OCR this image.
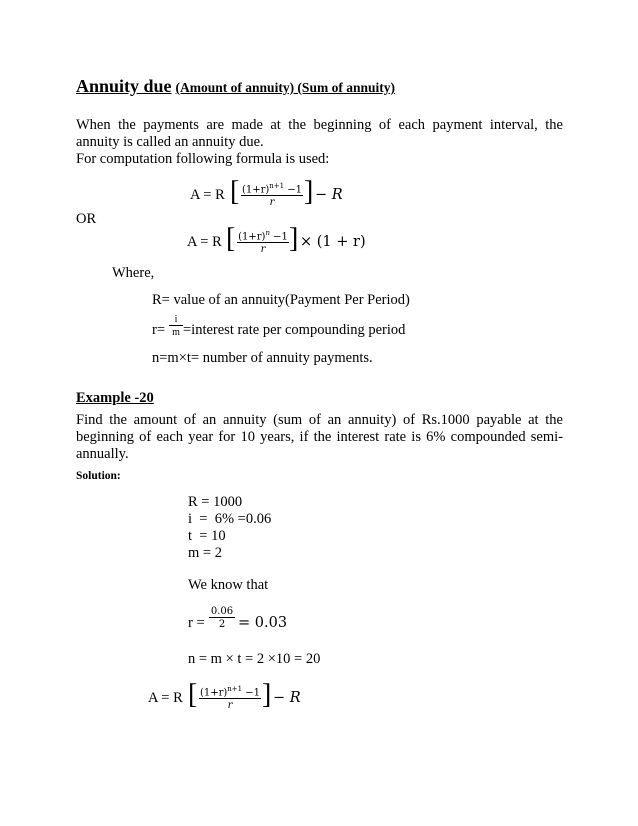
Annuity due (Amount of annuity) (Sum of annuity)
When the payments are made at the beginning of each payment interval, the annuity is called an annuity due.
For computation following formula is used:
A = R [ $\frac{(1+r)^{n+1} -1}{r}$ ] − R
OR
A = R [ $\frac{(1+r)^n -1}{r}$ ] × (1 + r)
Where,
R= value of an annuity(Payment Per Period)
$r= \frac{i}{m}$ =interest rate per compounding period
n=m×t= number of annuity payments.
Example -20
Find the amount of an annuity (sum of an annuity) of Rs.1000 payable at the beginning of each year for 10 years, if the interest rate is 6% compounded semi-annually.
Solution:
R = 1000
i  =  6% =0.06
t  = 10
m = 2
We know that
$r = \frac{0.06}{2} = 0.03$
n = m × t = 2 ×10 = 20
A = R [ $\frac{(1+r)^{n+1} -1}{r}$ ] − R
